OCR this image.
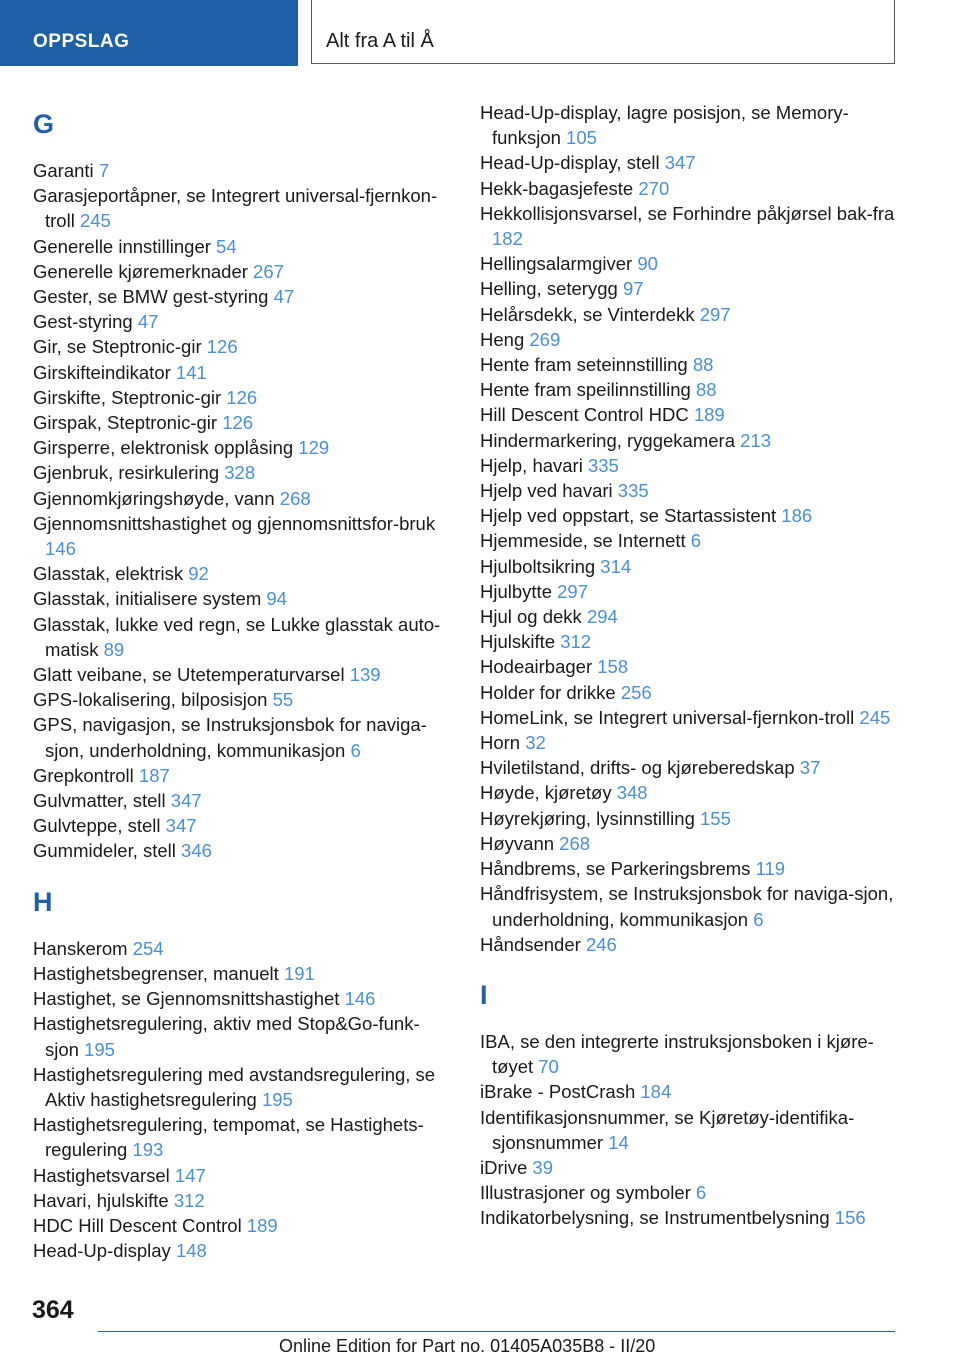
OPPSLAG	Alt fra A til Å
G
Garanti 7
Garasjeportåpner, se Integrert universal-fjernkon-troll 245
Generelle innstillinger 54
Generelle kjøremerknader 267
Gester, se BMW gest-styring 47
Gest-styring 47
Gir, se Steptronic-gir 126
Girskifteindikator 141
Girskifte, Steptronic-gir 126
Girspak, Steptronic-gir 126
Girsperre, elektronisk opplåsing 129
Gjenbruk, resirkulering 328
Gjennomkjøringshøyde, vann 268
Gjennomsnittshastighet og gjennomsnittsfor-bruk 146
Glasstak, elektrisk 92
Glasstak, initialisere system 94
Glasstak, lukke ved regn, se Lukke glasstak auto-matisk 89
Glatt veibane, se Utetemperaturvarsel 139
GPS-lokalisering, bilposisjon 55
GPS, navigasjon, se Instruksjonsbok for naviga-sjon, underholdning, kommunikasjon 6
Grepkontroll 187
Gulvmatter, stell 347
Gulvteppe, stell 347
Gummideler, stell 346
H
Hanskerom 254
Hastighetsbegrenser, manuelt 191
Hastighet, se Gjennomsnittshastighet 146
Hastighetsregulering, aktiv med Stop&Go-funk-sjon 195
Hastighetsregulering med avstandsregulering, se Aktiv hastighetsregulering 195
Hastighetsregulering, tempomat, se Hastighets-regulering 193
Hastighetsvarsel 147
Havari, hjulskifte 312
HDC Hill Descent Control 189
Head-Up-display 148
Head-Up-display, lagre posisjon, se Memory-funksjon 105
Head-Up-display, stell 347
Hekk-bagasjefeste 270
Hekkollisjonsvarsel, se Forhindre påkjørsel bak-fra 182
Hellingsalarmgiver 90
Helling, seterygg 97
Helårsdekk, se Vinterdekk 297
Heng 269
Hente fram seteinnstilling 88
Hente fram speilinnstilling 88
Hill Descent Control HDC 189
Hindermarkering, ryggekamera 213
Hjelp, havari 335
Hjelp ved havari 335
Hjelp ved oppstart, se Startassistent 186
Hjemmeside, se Internett 6
Hjulboltsikring 314
Hjulbytte 297
Hjul og dekk 294
Hjulskifte 312
Hodeairbager 158
Holder for drikke 256
HomeLink, se Integrert universal-fjernkon-troll 245
Horn 32
Hviletilstand, drifts- og kjøreberedskap 37
Høyde, kjøretøy 348
Høyrekjøring, lysinnstilling 155
Høyvann 268
Håndbrems, se Parkeringsbrems 119
Håndfrisystem, se Instruksjonsbok for naviga-sjon, underholdning, kommunikasjon 6
Håndsender 246
I
IBA, se den integrerte instruksjonsboken i kjøre-tøyet 70
iBrake - PostCrash 184
Identifikasjonsnummer, se Kjøretøy-identifika-sjonsnummer 14
iDrive 39
Illustrasjoner og symboler 6
Indikatorbelysning, se Instrumentbelysning 156
364
Online Edition for Part no. 01405A035B8 - II/20
